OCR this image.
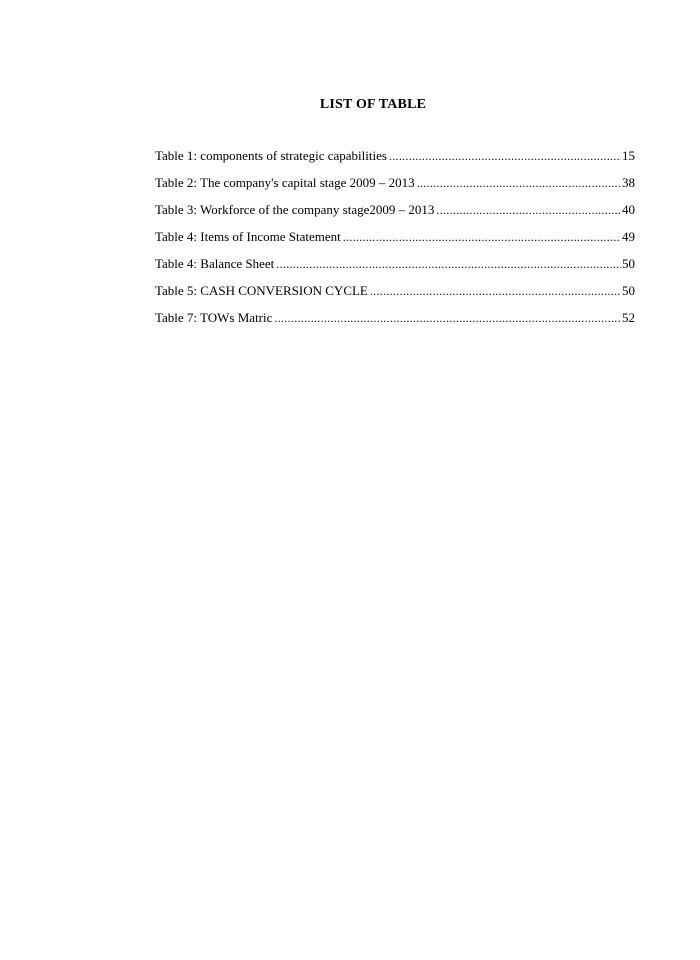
LIST OF TABLE
Table 1: components of strategic capabilities .....	15
Table 2: The company's capital stage 2009 – 2013 .....	38
Table 3: Workforce of the company stage2009 – 2013 .....	40
Table 4: Items of Income Statement .....	49
Table 4: Balance Sheet .....	50
Table 5: CASH CONVERSION CYCLE .....	50
Table 7: TOWs Matric .....	52
